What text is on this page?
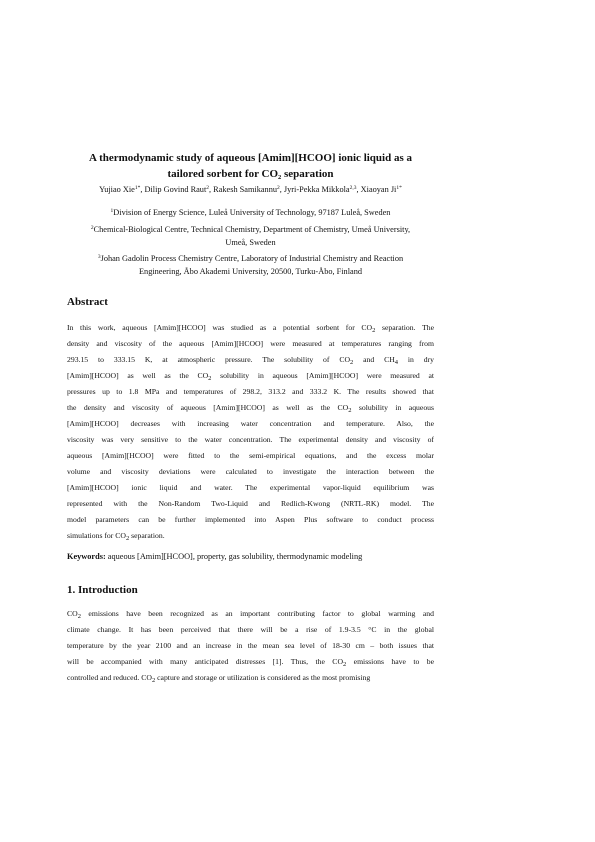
A thermodynamic study of aqueous [Amim][HCOO] ionic liquid as a
tailored sorbent for $CO_2$ separation
Yujiao Xie$^{1*}$, Dilip Govind Raut$^2$, Rakesh Samikannu$^2$, Jyri-Pekka Mikkola$^{2,3}$, Xiaoyan $Ji^{1*}$
$^1$Division of Energy Science, Luleå University of Technology, 97187 Luleå, Sweden
$^2$Chemical-Biological Centre, Technical Chemistry, Department of Chemistry, Umeå University,
Umeå, Sweden
$^3$Johan Gadolin Process Chemistry Centre, Laboratory of Industrial Chemistry and Reaction
Engineering, Åbo Akademi University, 20500, Turku-Åbo, Finland
Abstract
In this work, aqueous [Amim][HCOO] was studied as a potential sorbent for $CO_2$ separation. The
density and viscosity of the aqueous [Amim][HCOO] were measured at temperatures ranging from
293.15 to 333.15 K, at atmospheric pressure. The solubility of $CO_2$ and $CH_4$ in dry
[Amim][HCOO] as well as the $CO_2$ solubility in aqueous [Amim][HCOO] were measured at
pressures up to 1.8 MPa and temperatures of 298.2, 313.2 and 333.2 K. The results showed that
the density and viscosity of aqueous [Amim][HCOO] as well as the $CO_2$ solubility in aqueous
[Amim][HCOO] decreases with increasing water concentration and temperature. Also, the
viscosity was very sensitive to the water concentration. The experimental density and viscosity of
aqueous [Amim][HCOO] were fitted to the semi-empirical equations, and the excess molar
volume and viscosity deviations were calculated to investigate the interaction between the
[Amim][HCOO] ionic liquid and water. The experimental vapor-liquid equilibrium was
represented with the Non-Random Two-Liquid and Redlich-Kwong (NRTL-RK) model. The
model parameters can be further implemented into Aspen Plus software to conduct process
simulations for $CO_2$ separation.
Keywords: aqueous [Amim][HCOO], property, gas solubility, thermodynamic modeling
1. Introduction
$CO_2$ emissions have been recognized as an important contributing factor to global warming and
climate change. It has been perceived that there will be a rise of 1.9-3.5 °C in the global
temperature by the year 2100 and an increase in the mean sea level of 18-30 cm – both issues that
will be accompanied with many anticipated distresses [1]. Thus, the $CO_2$ emissions have to be
controlled and reduced. $CO_2$ capture and storage or utilization is considered as the most promising
